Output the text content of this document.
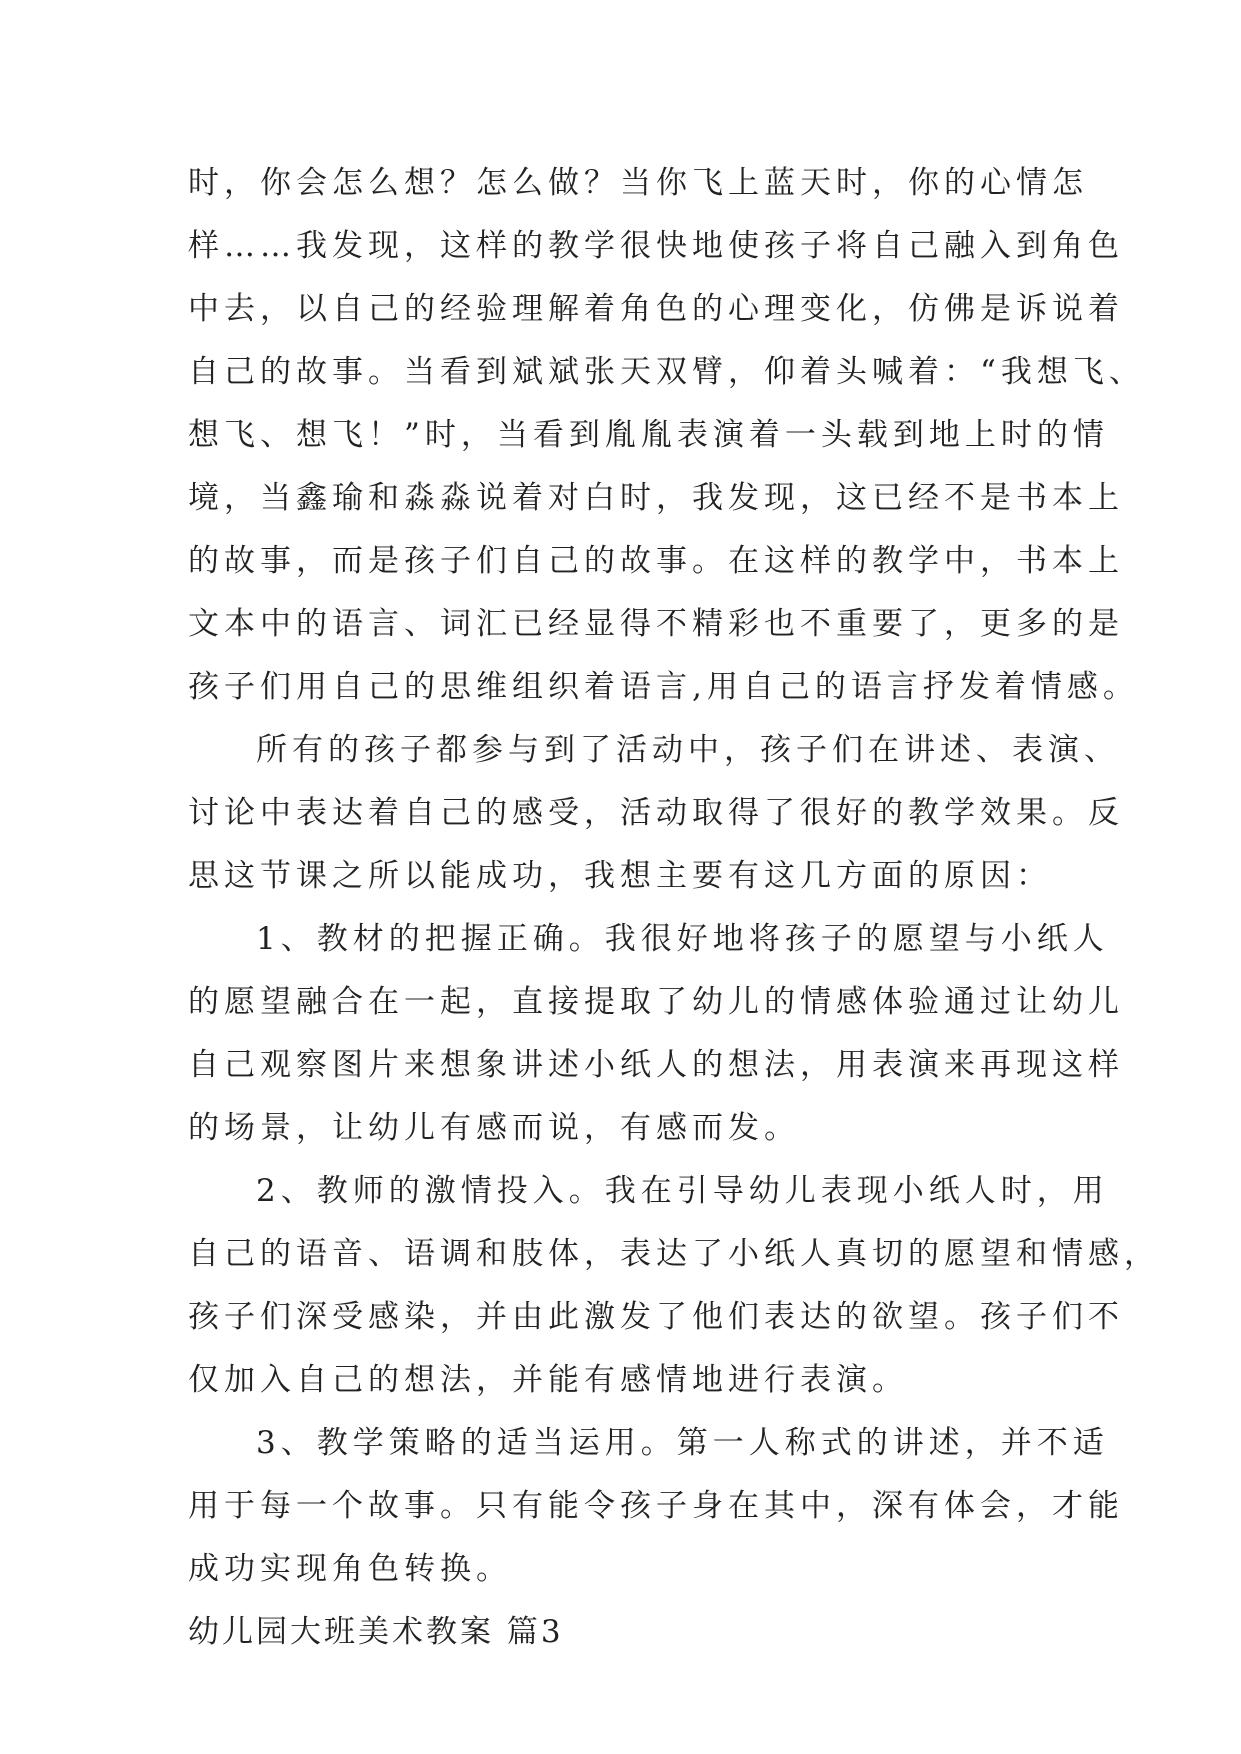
时，你会怎么想？怎么做？当你飞上蓝天时，你的心情怎
样……我发现，这样的教学很快地使孩子将自己融入到角色
中去，以自己的经验理解着角色的心理变化，仿佛是诉说着
自己的故事。当看到斌斌张天双臂，仰着头喊着：“我想飞、
想飞、想飞！”时，当看到胤胤表演着一头载到地上时的情
境，当鑫瑜和淼淼说着对白时，我发现，这已经不是书本上
的故事，而是孩子们自己的故事。在这样的教学中，书本上
文本中的语言、词汇已经显得不精彩也不重要了，更多的是
孩子们用自己的思维组织着语言,用自己的语言抒发着情感。
所有的孩子都参与到了活动中，孩子们在讲述、表演、
讨论中表达着自己的感受，活动取得了很好的教学效果。反
思这节课之所以能成功，我想主要有这几方面的原因：
1、教材的把握正确。我很好地将孩子的愿望与小纸人
的愿望融合在一起，直接提取了幼儿的情感体验通过让幼儿
自己观察图片来想象讲述小纸人的想法，用表演来再现这样
的场景，让幼儿有感而说，有感而发。
2、教师的激情投入。我在引导幼儿表现小纸人时，用
自己的语音、语调和肢体，表达了小纸人真切的愿望和情感，
孩子们深受感染，并由此激发了他们表达的欲望。孩子们不
仅加入自己的想法，并能有感情地进行表演。
3、教学策略的适当运用。第一人称式的讲述，并不适
用于每一个故事。只有能令孩子身在其中，深有体会，才能
成功实现角色转换。
幼儿园大班美术教案 篇3
